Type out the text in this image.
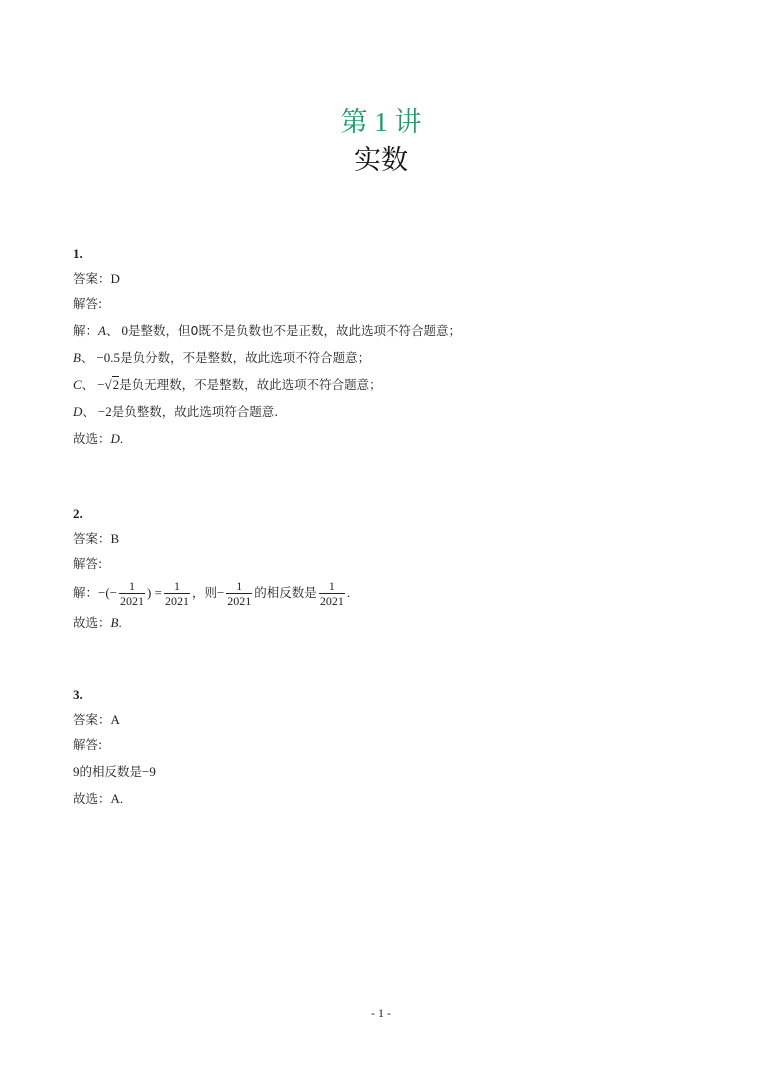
第 1 讲
实数
1.
答案：D
解答:
解：A、 0是整数，但0既不是负数也不是正数，故此选项不符合题意；
B、 −0.5是负分数，不是整数，故此选项不符合题意；
C、 −√2是负无理数，不是整数，故此选项不符合题意；
D、 −2是负整数，故此选项符合题意.
故选：D.
2.
答案：B
解答:
解：−(− $\frac{1}{2021}$ ) = $\frac{1}{2021}$ ，则− $\frac{1}{2021}$ 的相反数是 $\frac{1}{2021}$ .
故选：B.
3.
答案：A
解答:
9的相反数是−9
故选：A.
- 1 -
